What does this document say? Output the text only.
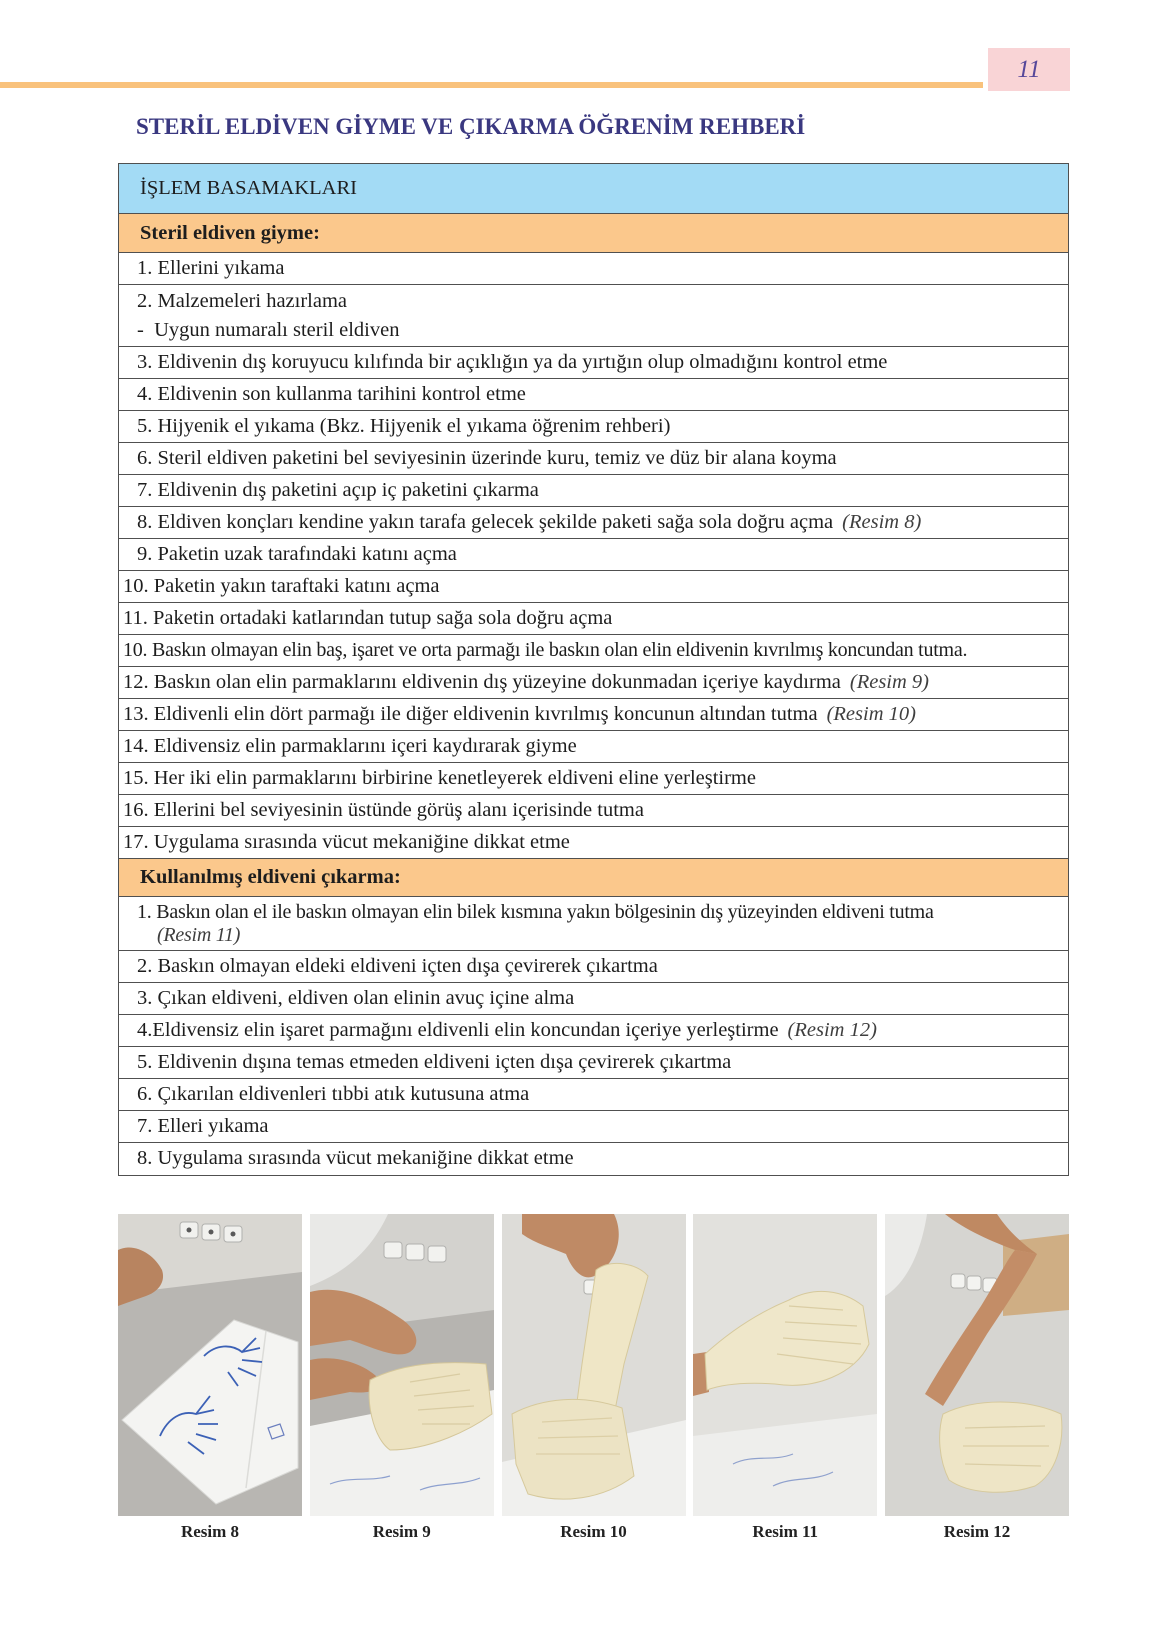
11
STERİL ELDİVEN GİYME VE ÇIKARMA ÖĞRENİM REHBERİ
İŞLEM BASAMAKLARI
Steril eldiven giyme:
1. Ellerini yıkama
2. Malzemeleri hazırlama
-  Uygun numaralı steril eldiven
3. Eldivenin dış koruyucu kılıfında bir açıklığın ya da yırtığın olup olmadığını kontrol etme
4. Eldivenin son kullanma tarihini kontrol etme
5. Hijyenik el yıkama (Bkz. Hijyenik el yıkama öğrenim rehberi)
6. Steril eldiven paketini bel seviyesinin üzerinde kuru, temiz ve düz bir alana koyma
7. Eldivenin dış paketini açıp iç paketini çıkarma
8. Eldiven konçları kendine yakın tarafa gelecek şekilde paketi sağa sola doğru açma (Resim 8)
9. Paketin uzak tarafındaki katını açma
10. Paketin yakın taraftaki katını açma
11. Paketin ortadaki katlarından tutup sağa sola doğru açma
10. Baskın olmayan elin baş, işaret ve orta parmağı ile baskın olan elin eldivenin kıvrılmış koncundan tutma.
12. Baskın olan elin parmaklarını eldivenin dış yüzeyine dokunmadan içeriye kaydırma (Resim 9)
13. Eldivenli elin dört parmağı ile diğer eldivenin kıvrılmış koncunun altından tutma (Resim 10)
14. Eldivensiz elin parmaklarını içeri kaydırarak giyme
15. Her iki elin parmaklarını birbirine kenetleyerek eldiveni eline yerleştirme
16. Ellerini bel seviyesinin üstünde görüş alanı içerisinde tutma
17. Uygulama sırasında vücut mekaniğine dikkat etme
Kullanılmış eldiveni çıkarma:
1. Baskın olan el ile baskın olmayan elin bilek kısmına yakın bölgesinin dış yüzeyinden eldiveni tutma
(Resim 11)
2. Baskın olmayan eldeki eldiveni içten dışa çevirerek çıkartma
3. Çıkan eldiveni, eldiven olan elinin avuç içine alma
4.Eldivensiz elin işaret parmağını eldivenli elin koncundan içeriye yerleştirme (Resim 12)
5. Eldivenin dışına temas etmeden eldiveni içten dışa çevirerek çıkartma
6. Çıkarılan eldivenleri tıbbi atık kutusuna atma
7. Elleri yıkama
8. Uygulama sırasında vücut mekaniğine dikkat etme
Resim 8	Resim 9	Resim 10	Resim 11	Resim 12
